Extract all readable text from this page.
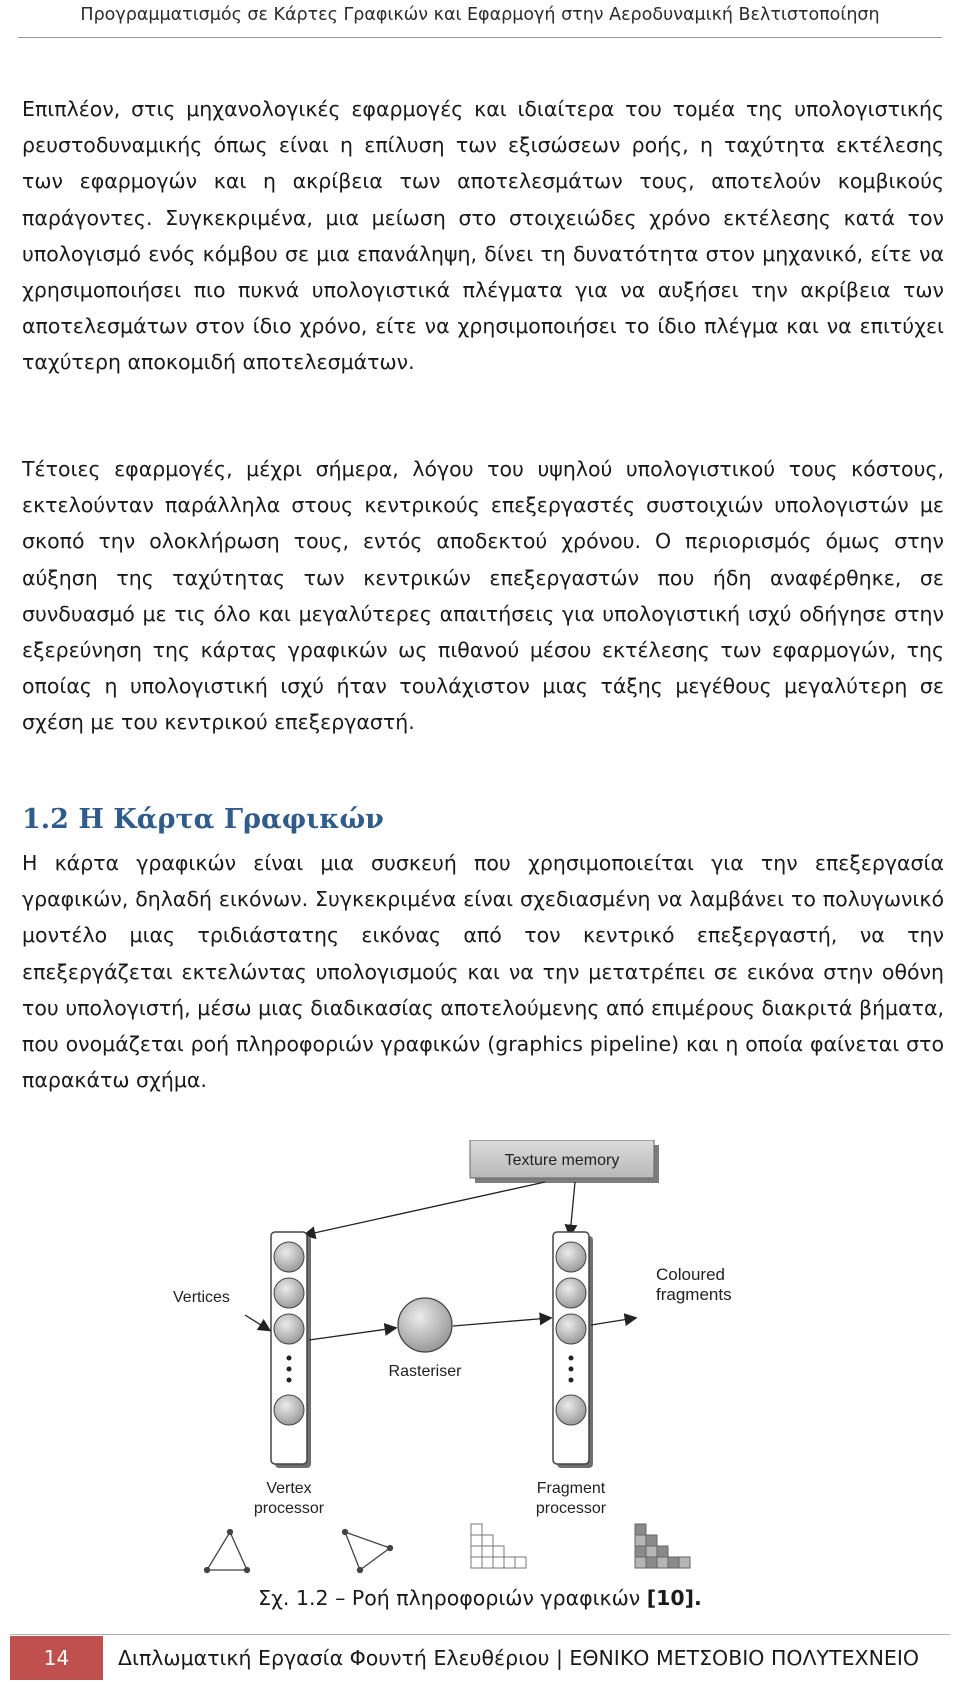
Προγραμματισμός σε Κάρτες Γραφικών και Εφαρμογή στην Αεροδυναμική Βελτιστοποίηση

Επιπλέον, στις μηχανολογικές εφαρμογές και ιδιαίτερα του τομέα της υπολογιστικής ρευστοδυναμικής όπως είναι η επίλυση των εξισώσεων ροής, η ταχύτητα εκτέλεσης των εφαρμογών και η ακρίβεια των αποτελεσμάτων τους, αποτελούν κομβικούς παράγοντες. Συγκεκριμένα, μια μείωση στο στοιχειώδες χρόνο εκτέλεσης κατά τον υπολογισμό ενός κόμβου σε μια επανάληψη, δίνει τη δυνατότητα στον μηχανικό, είτε να χρησιμοποιήσει πιο πυκνά υπολογιστικά πλέγματα για να αυξήσει την ακρίβεια των αποτελεσμάτων στον ίδιο χρόνο, είτε να χρησιμοποιήσει το ίδιο πλέγμα και να επιτύχει ταχύτερη αποκομιδή αποτελεσμάτων.

Τέτοιες εφαρμογές, μέχρι σήμερα, λόγου του υψηλού υπολογιστικού τους κόστους, εκτελούνταν παράλληλα στους κεντρικούς επεξεργαστές συστοιχιών υπολογιστών με σκοπό την ολοκλήρωση τους, εντός αποδεκτού χρόνου. Ο περιορισμός όμως στην αύξηση της ταχύτητας των κεντρικών επεξεργαστών που ήδη αναφέρθηκε, σε συνδυασμό με τις όλο και μεγαλύτερες απαιτήσεις για υπολογιστική ισχύ οδήγησε στην εξερεύνηση της κάρτας γραφικών ως πιθανού μέσου εκτέλεσης των εφαρμογών, της οποίας η υπολογιστική ισχύ ήταν τουλάχιστον μιας τάξης μεγέθους μεγαλύτερη σε σχέση με του κεντρικού επεξεργαστή.

1.2 Η Κάρτα Γραφικών

Η κάρτα γραφικών είναι μια συσκευή που χρησιμοποιείται για την επεξεργασία γραφικών, δηλαδή εικόνων. Συγκεκριμένα είναι σχεδιασμένη να λαμβάνει το πολυγωνικό μοντέλο μιας τριδιάστατης εικόνας από τον κεντρικό επεξεργαστή, να την επεξεργάζεται εκτελώντας υπολογισμούς και να την μετατρέπει σε εικόνα στην οθόνη του υπολογιστή, μέσω μιας διαδικασίας αποτελούμενης από επιμέρους διακριτά βήματα, που ονομάζεται ροή πληροφοριών γραφικών (graphics pipeline) και η οποία φαίνεται στο παρακάτω σχήμα.

Texture memory
Vertices
Rasteriser
Coloured
fragments
Vertex
processor
Fragment
processor
Σχ. 1.2 – Ροή πληροφοριών γραφικών [10].
14	Διπλωματική Εργασία Φουντή Ελευθέριου | ΕΘΝΙΚΟ ΜΕΤΣΟΒΙΟ ΠΟΛΥΤΕΧΝΕΙΟ
